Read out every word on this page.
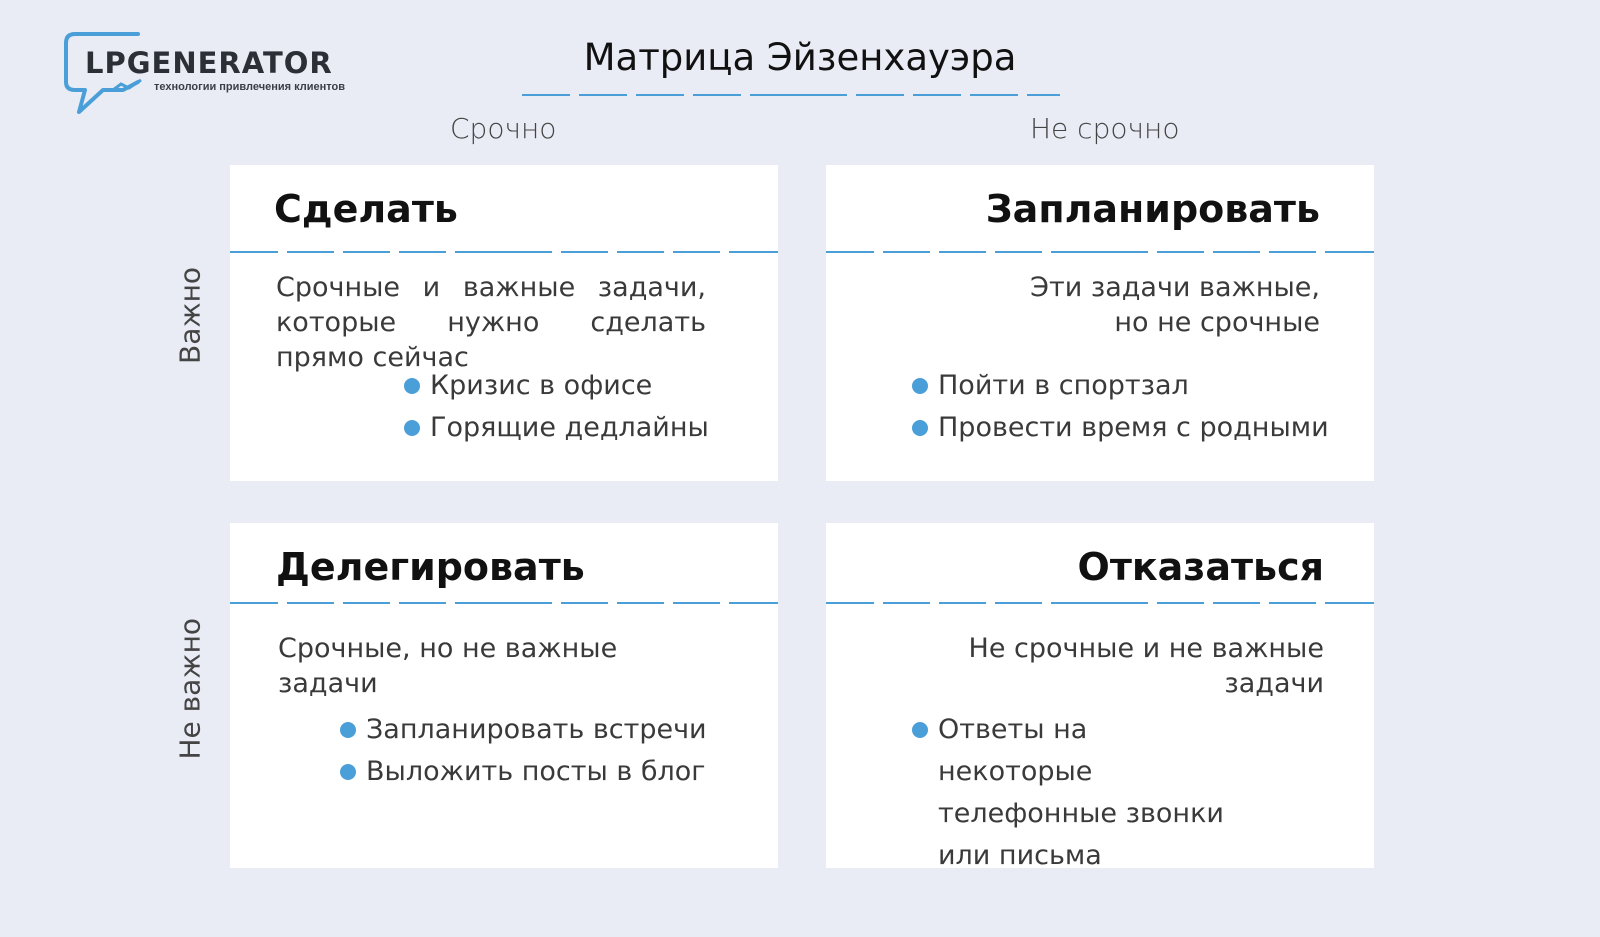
LPGENERATOR
технологии привлечения клиентов
Матрица Эйзенхауэра
Срочно	Не срочно
Важно
Не важно
Сделать
Срочные и важные задачи, которые нужно сделать прямо сейчас
Кризис в офисе
Горящие дедлайны
Запланировать
Эти задачи важные, но не срочные
Пойти в спортзал
Провести время с родными
Делегировать
Срочные, но не важные задачи
Запланировать встречи
Выложить посты в блог
Отказаться
Не срочные и не важные задачи
Ответы на некоторые телефонные звонки или письма
